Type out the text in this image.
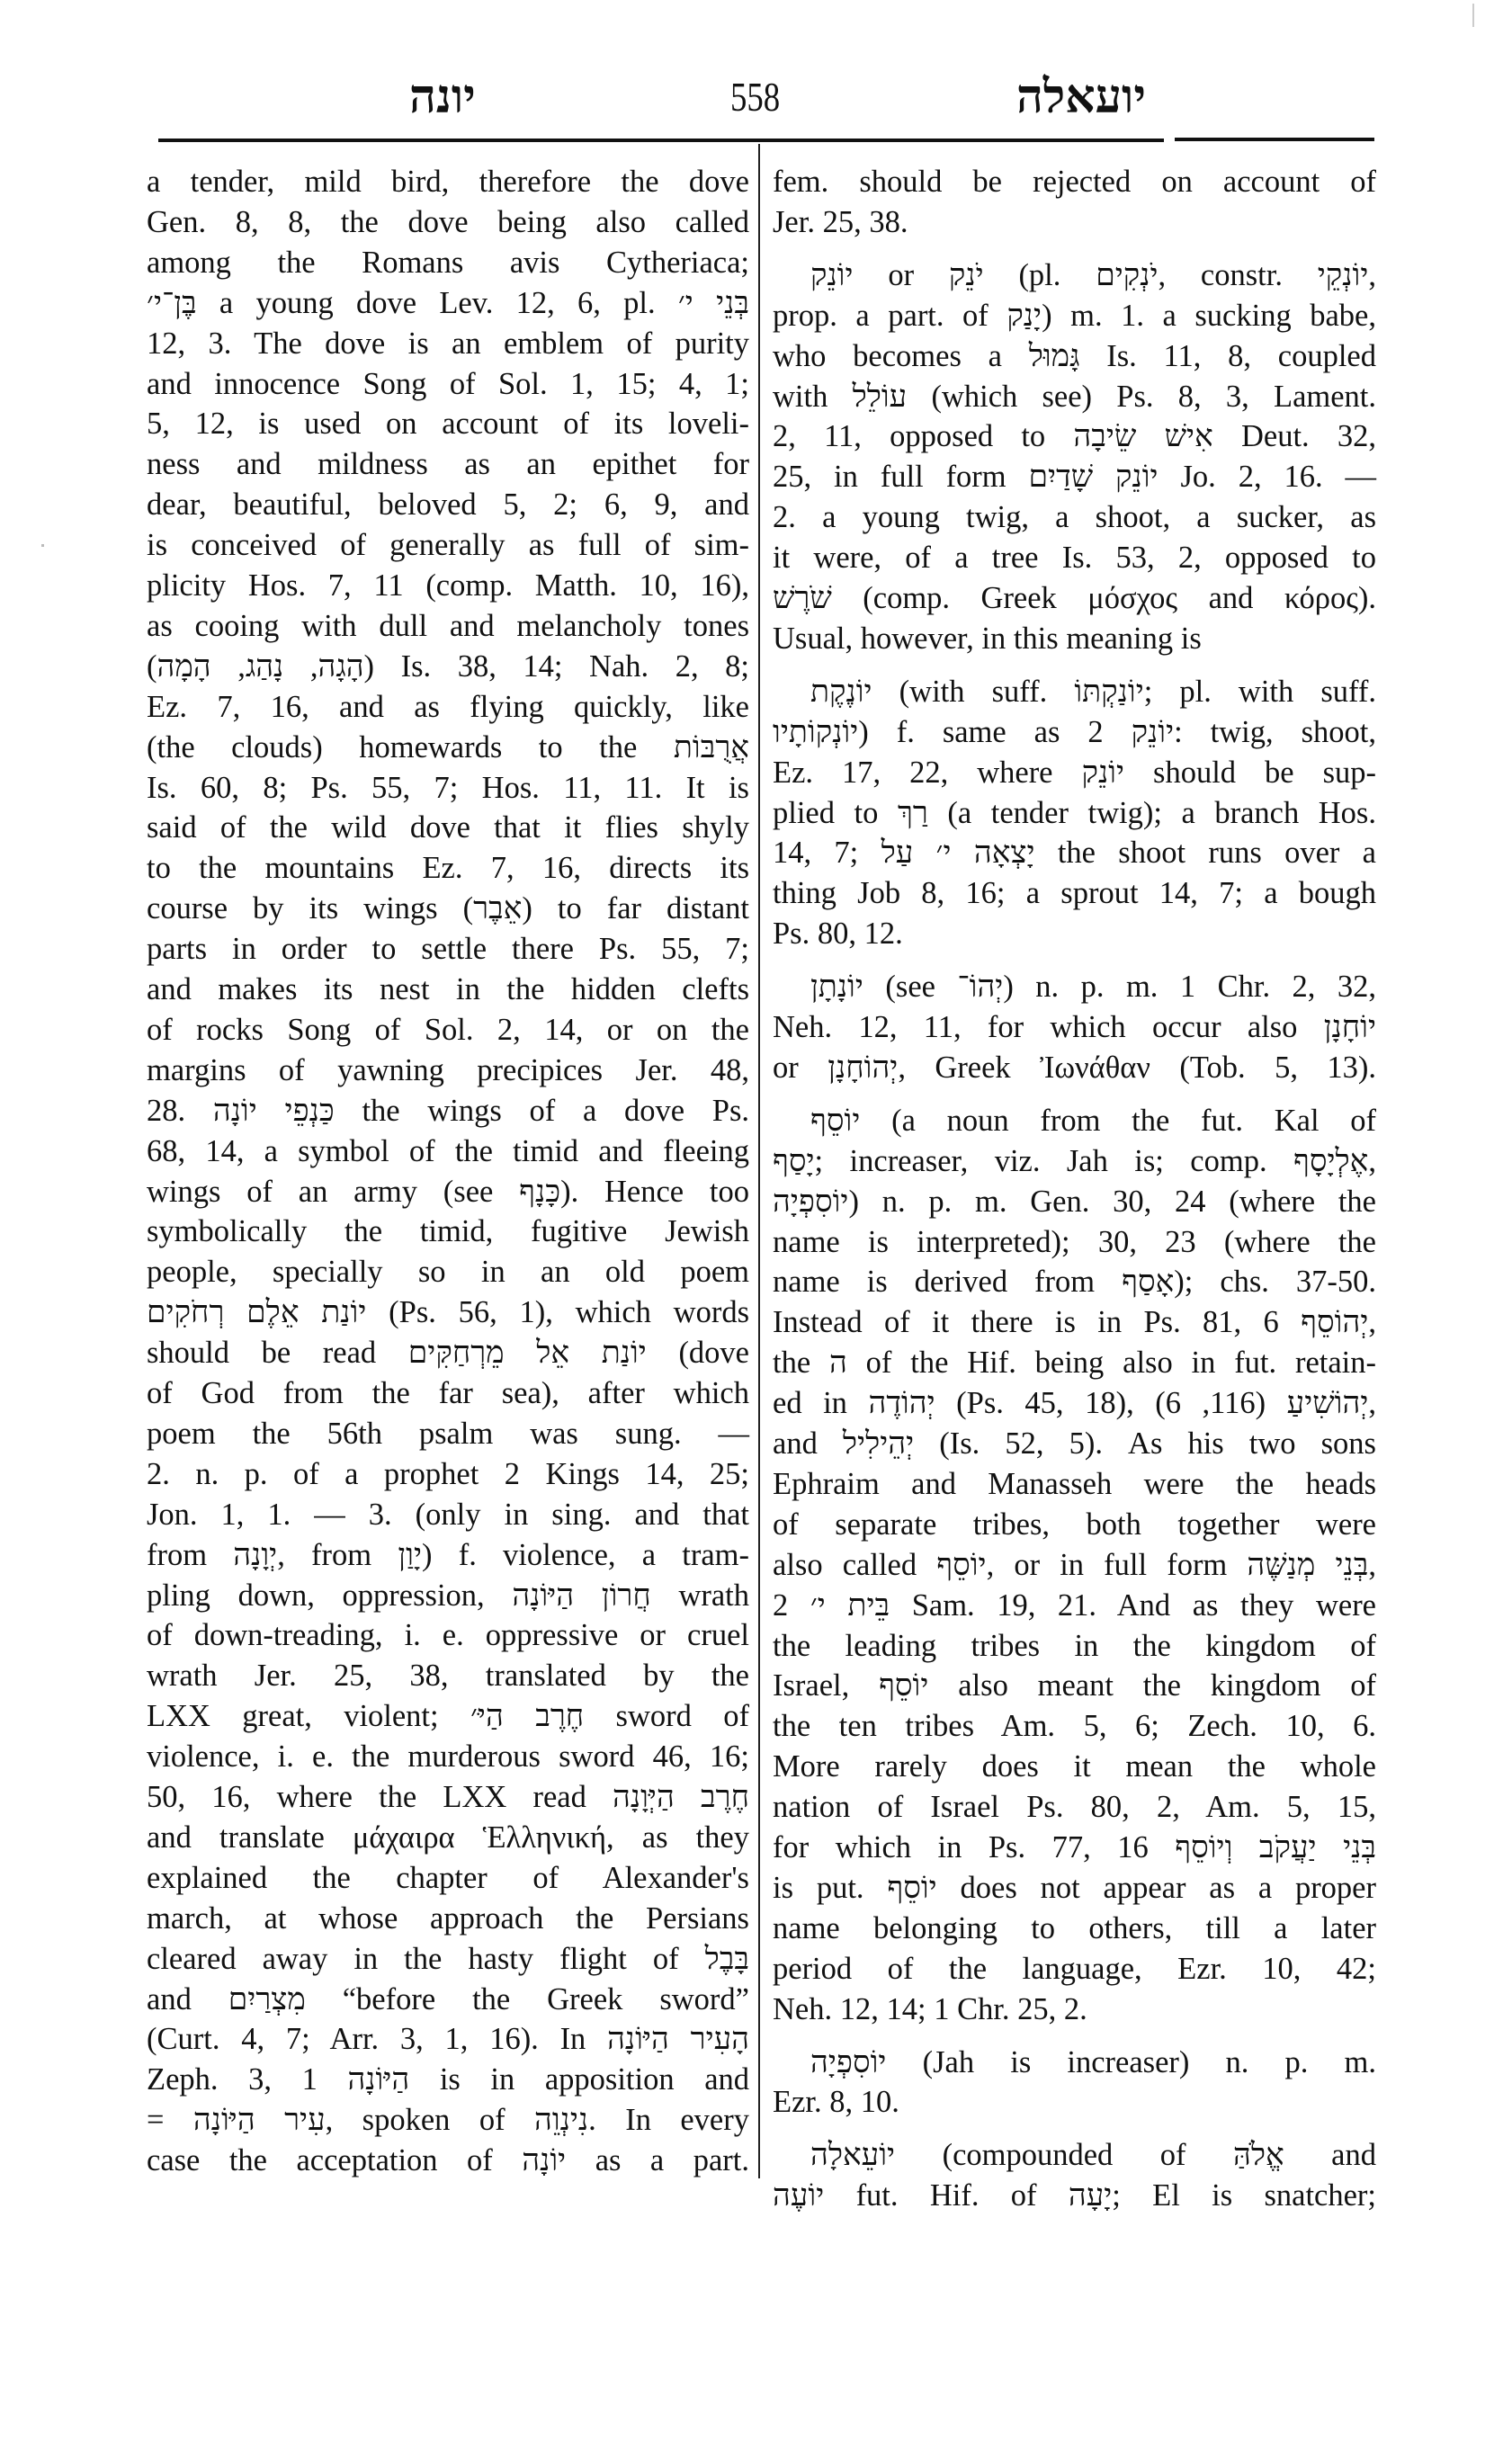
יונה	558	יועאלה
a tender, mild bird, therefore the dove
Gen. 8, 8, the dove being also called
among the Romans avis Cytheriaca;
בֶּן־י׳ a young dove Lev. 12, 6, pl. בְּנֵי י׳
12, 3. The dove is an emblem of purity
and innocence Song of Sol. 1, 15; 4, 1;
5, 12, is used on account of its loveli-
ness and mildness as an epithet for
dear, beautiful, beloved 5, 2; 6, 9, and
is conceived of generally as full of sim-
plicity Hos. 7, 11 (comp. Matth. 10, 16),
as cooing with dull and melancholy tones
(הָגָה, נָהַג, הָמָה) Is. 38, 14; Nah. 2, 8;
Ez. 7, 16, and as flying quickly, like
(the clouds) homewards to the אֲרֻבּוֹת
Is. 60, 8; Ps. 55, 7; Hos. 11, 11. It is
said of the wild dove that it flies shyly
to the mountains Ez. 7, 16, directs its
course by its wings (אֵבֶר) to far distant
parts in order to settle there Ps. 55, 7;
and makes its nest in the hidden clefts
of rocks Song of Sol. 2, 14, or on the
margins of yawning precipices Jer. 48,
28. כַּנְפֵי יוֹנָה the wings of a dove Ps.
68, 14, a symbol of the timid and fleeing
wings of an army (see כָּנָף). Hence too
symbolically the timid, fugitive Jewish
people, specially so in an old poem
יוֹנַת אֵלֶם רְחֹקִים (Ps. 56, 1), which words
should be read יוֹנַת אֵל מֵרְחַקִּים (dove
of God from the far sea), after which
poem the 56th psalm was sung. —
2. n. p. of a prophet 2 Kings 14, 25;
Jon. 1, 1. — 3. (only in sing. and that
from יְוָנָה, from יָוַן) f. violence, a tram-
pling down, oppression, חֲרוֹן הַיּוֹנָה wrath
of down-treading, i. e. oppressive or cruel
wrath Jer. 25, 38, translated by the
LXX great, violent; חֶרֶב הַיּ׳ sword of
violence, i. e. the murderous sword 46, 16;
50, 16, where the LXX read חֶרֶב הַיְּוָנָה
and translate μάχαιρα Ἑλληνική, as they
explained the chapter of Alexander's
march, at whose approach the Persians
cleared away in the hasty flight of בָּבֶל
and מִצְרַיִם “before the Greek sword”
(Curt. 4, 7; Arr. 3, 1, 16). In הָעִיר הַיּוֹנָה
Zeph. 3, 1 הַיּוֹנָה is in apposition and
= עִיר הַיּוֹנָה, spoken of נִינְוֵה. In every
case the acceptation of יוֹנָה as a part.
fem. should be rejected on account of
Jer. 25, 38.
יוֹנֵק or יֹנֵק (pl. יֹנְקִים, constr. יוֹנְקֵי,
prop. a part. of יָנַק) m. 1. a sucking babe,
who becomes a גָּמוּל Is. 11, 8, coupled
with עוֹלֵל (which see) Ps. 8, 3, Lament.
2, 11, opposed to אִישׁ שֵׂיבָה Deut. 32,
25, in full form יוֹנֵק שָׁדַיִם Jo. 2, 16. —
2. a young twig, a shoot, a sucker, as
it were, of a tree Is. 53, 2, opposed to
שֹׁרֶשׁ (comp. Greek μόσχος and κόρος).
Usual, however, in this meaning is
יוֹנֶקֶת (with suff. יוֹנַקְתּוֹ; pl. with suff.
יוֹנְקוֹתָיו) f. same as יוֹנֵק 2: twig, shoot,
Ez. 17, 22, where יוֹנֵק should be sup-
plied to רַךְ (a tender twig); a branch Hos.
14, 7; יָצְאָה י׳ עַל the shoot runs over a
thing Job 8, 16; a sprout 14, 7; a bough
Ps. 80, 12.
יוֹנָתָן (see יְהוֹ־) n. p. m. 1 Chr. 2, 32,
Neh. 12, 11, for which occur also יוֹחָנָן
or יְהוֹחָנָן, Greek Ἰωνάθαν (Tob. 5, 13).
יוֹסֵף (a noun from the fut. Kal of
יָסַף; increaser, viz. Jah is; comp. אֶלְיָסָף,
יוֹסִפְיָה) n. p. m. Gen. 30, 24 (where the
name is interpreted); 30, 23 (where the
name is derived from אָסַף); chs. 37-50.
Instead of it there is in Ps. 81, 6 יְהוֹסֵף,
the ה of the Hif. being also in fut. retain-
ed in יְהוֹדֶה (Ps. 45, 18), יְהוֹשִׁיעַ (116, 6),
and יְהֵילִיל (Is. 52, 5). As his two sons
Ephraim and Manasseh were the heads
of separate tribes, both together were
also called יוֹסֵף, or in full form בְּנֵי מְנַשֶּׁה,
בֵּית י׳ 2 Sam. 19, 21. And as they were
the leading tribes in the kingdom of
Israel, יוֹסֵף also meant the kingdom of
the ten tribes Am. 5, 6; Zech. 10, 6.
More rarely does it mean the whole
nation of Israel Ps. 80, 2, Am. 5, 15,
for which in Ps. 77, 16 בְּנֵי יַעֲקֹב וְיוֹסֵף
is put. יוֹסֵף does not appear as a proper
name belonging to others, till a later
period of the language, Ezr. 10, 42;
Neh. 12, 14; 1 Chr. 25, 2.
יוֹסִפְיָה (Jah is increaser) n. p. m.
Ezr. 8, 10.
יוֹעֵאלָה (compounded of אֱלֹהַּ and
יוֹעֶה fut. Hif. of יָעָה; El is snatcher;
